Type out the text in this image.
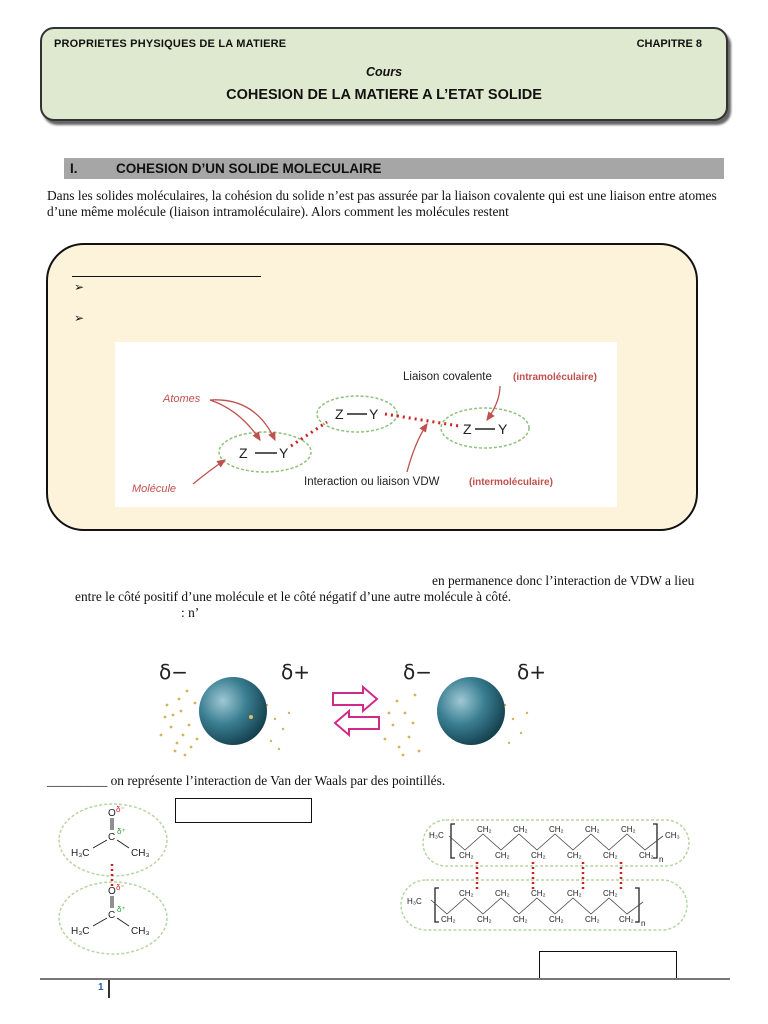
PROPRIETES PHYSIQUES DE LA MATIERE	CHAPITRE 8
Cours
COHESION DE LA MATIERE A L’ETAT SOLIDE
I.	COHESION D’UN SOLIDE MOLECULAIRE
Dans les solides moléculaires, la cohésion du solide n’est pas assurée par la liaison covalente qui est une liaison entre atomes d’une même molécule (liaison intramoléculaire). Alors comment les molécules restent
➢
➢
Z Y
Z Y
Z Y
Atomes
Molécule
Liaison covalente (intramoléculaire)
Interaction ou liaison VDW	(intermoléculaire)
en permanence donc l’interaction de VDW a lieu
entre le côté positif d’une molécule et le côté négatif d’une autre molécule à côté.
: n’
δ−	δ+	δ−	δ+
_________ on représente l’interaction de Van der Waals par des pointillés.
O δ⁻
C
δ⁺
H₃C	CH₃
O δ⁻
C
δ⁺
H₃C	CH₃
H₃C
CH₂
CH₂
CH₂
CH₂
CH₂
CH₂
CH₂
CH₂
CH₂
CH₂
CH₂ n
CH₃
H₃C
CH₂
CH₂
CH₂
CH₂
CH₂
CH₂
CH₂
CH₂
CH₂
CH₂
CH₂ n
1
